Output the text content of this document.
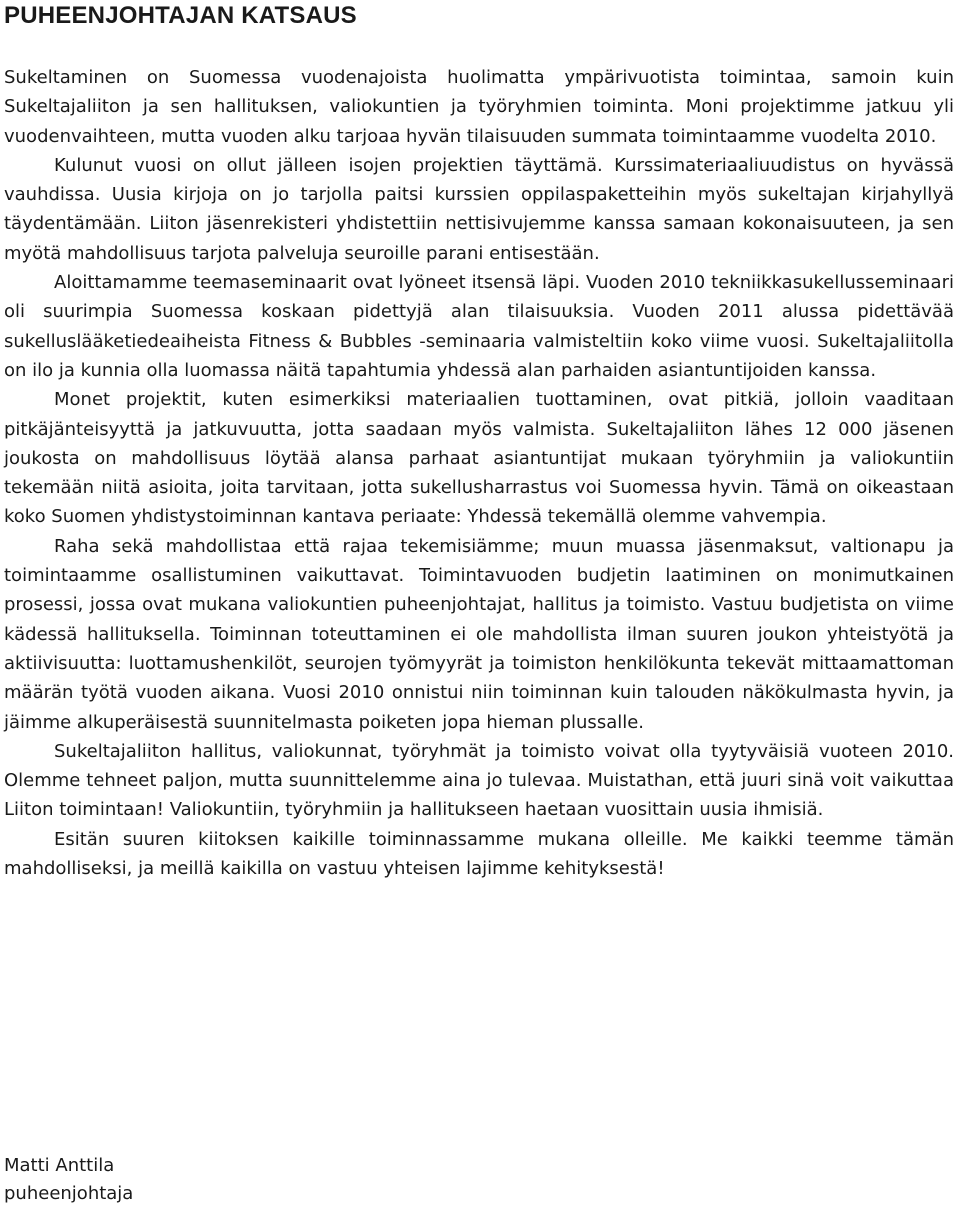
PUHEENJOHTAJAN KATSAUS

Sukeltaminen on Suomessa vuodenajoista huolimatta ympärivuotista toimintaa, samoin kuin Sukeltajaliiton ja sen hallituksen, valiokuntien ja työryhmien toiminta. Moni projektimme jatkuu yli vuodenvaihteen, mutta vuoden alku tarjoaa hyvän tilaisuuden summata toimintaamme vuodelta 2010.

Kulunut vuosi on ollut jälleen isojen projektien täyttämä. Kurssimateriaaliuudistus on hyvässä vauhdissa. Uusia kirjoja on jo tarjolla paitsi kurssien oppilaspaketteihin myös sukeltajan kirjahyllyä täydentämään. Liiton jäsenrekisteri yhdistettiin nettisivujemme kanssa samaan kokonaisuuteen, ja sen myötä mahdollisuus tarjota palveluja seuroille parani entisestään.

Aloittamamme teemaseminaarit ovat lyöneet itsensä läpi. Vuoden 2010 tekniikkasukellusseminaari oli suurimpia Suomessa koskaan pidettyjä alan tilaisuuksia. Vuoden 2011 alussa pidettävää sukelluslääketiedeaiheista Fitness & Bubbles -seminaaria valmisteltiin koko viime vuosi. Sukeltajaliitolla on ilo ja kunnia olla luomassa näitä tapahtumia yhdessä alan parhaiden asiantuntijoiden kanssa.

Monet projektit, kuten esimerkiksi materiaalien tuottaminen, ovat pitkiä, jolloin vaaditaan pitkäjänteisyyttä ja jatkuvuutta, jotta saadaan myös valmista. Sukeltajaliiton lähes 12 000 jäsenen joukosta on mahdollisuus löytää alansa parhaat asiantuntijat mukaan työryhmiin ja valiokuntiin tekemään niitä asioita, joita tarvitaan, jotta sukellusharrastus voi Suomessa hyvin. Tämä on oikeastaan koko Suomen yhdistystoiminnan kantava periaate: Yhdessä tekemällä olemme vahvempia.

Raha sekä mahdollistaa että rajaa tekemisiämme; muun muassa jäsenmaksut, valtionapu ja toimintaamme osallistuminen vaikuttavat. Toimintavuoden budjetin laatiminen on monimutkainen prosessi, jossa ovat mukana valiokuntien puheenjohtajat, hallitus ja toimisto. Vastuu budjetista on viime kädessä hallituksella. Toiminnan toteuttaminen ei ole mahdollista ilman suuren joukon yhteistyötä ja aktiivisuutta: luottamushenkilöt, seurojen työmyyrät ja toimiston henkilökunta tekevät mittaamattoman määrän työtä vuoden aikana. Vuosi 2010 onnistui niin toiminnan kuin talouden näkökulmasta hyvin, ja jäimme alkuperäisestä suunnitelmasta poiketen jopa hieman plussalle.

Sukeltajaliiton hallitus, valiokunnat, työryhmät ja toimisto voivat olla tyytyväisiä vuoteen 2010. Olemme tehneet paljon, mutta suunnittelemme aina jo tulevaa. Muistathan, että juuri sinä voit vaikuttaa Liiton toimintaan! Valiokuntiin, työryhmiin ja hallitukseen haetaan vuosittain uusia ihmisiä.

Esitän suuren kiitoksen kaikille toiminnassamme mukana olleille. Me kaikki teemme tämän mahdolliseksi, ja meillä kaikilla on vastuu yhteisen lajimme kehityksestä!

Matti Anttila
puheenjohtaja
